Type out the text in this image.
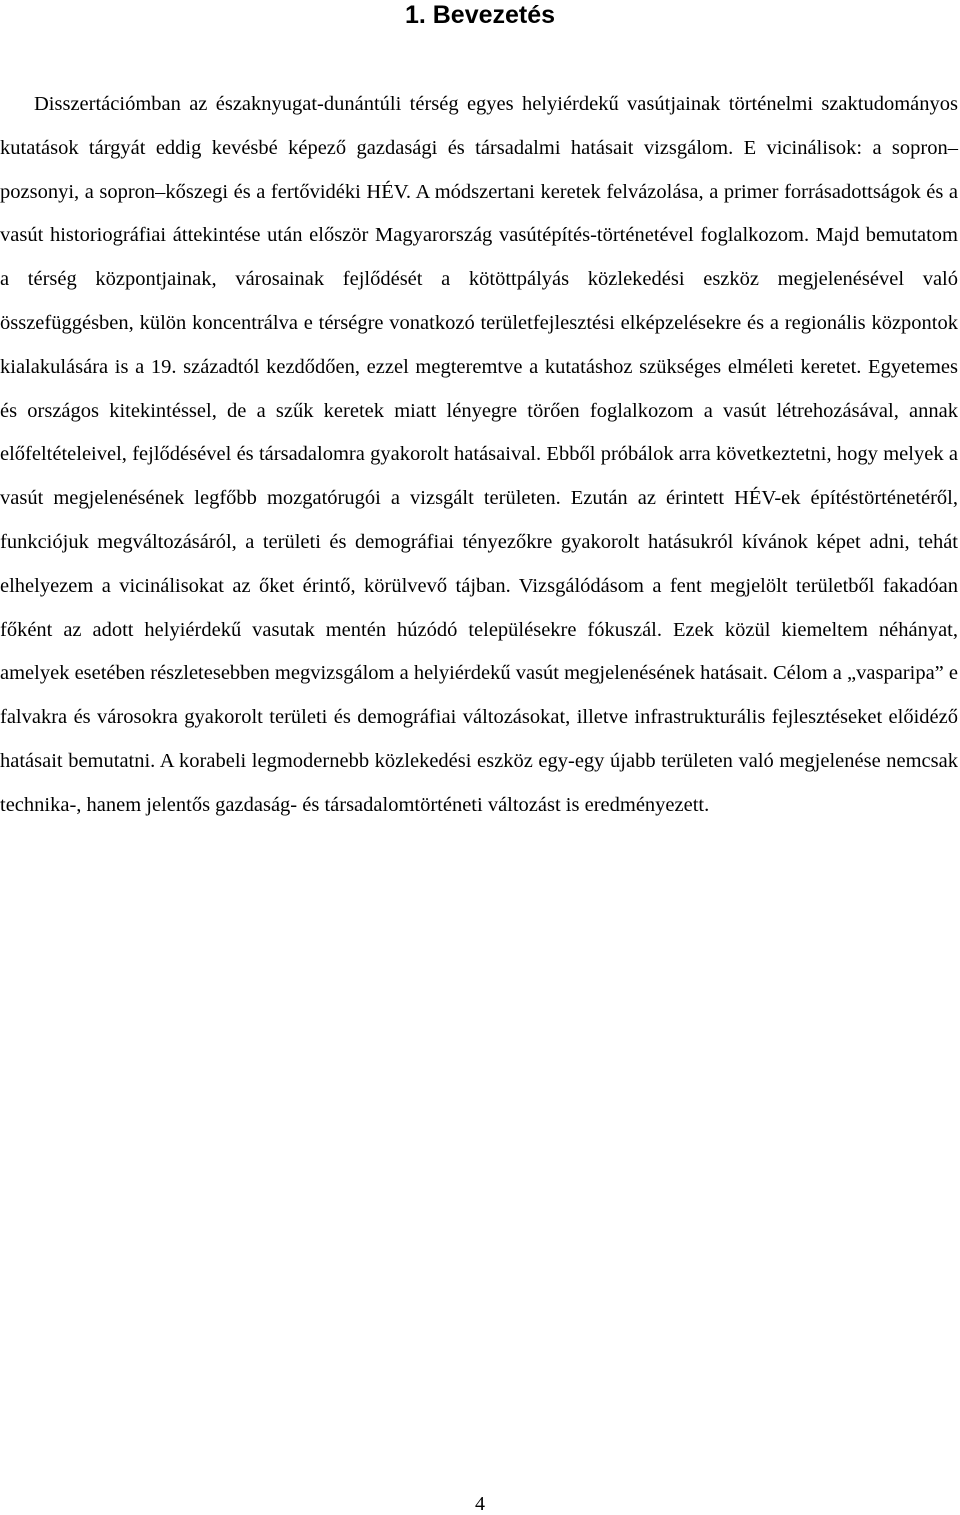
1. Bevezetés

Disszertációmban az északnyugat-dunántúli térség egyes helyiérdekű vasútjainak történelmi szaktudományos kutatások tárgyát eddig kevésbé képező gazdasági és társadalmi hatásait vizsgálom. E vicinálisok: a sopron–pozsonyi, a sopron–kőszegi és a fertővidéki HÉV. A módszertani keretek felvázolása, a primer forrásadottságok és a vasút historiográfiai áttekintése után először Magyarország vasútépítés-történetével foglalkozom. Majd bemutatom a térség központjainak, városainak fejlődését a kötöttpályás közlekedési eszköz megjelenésével való összefüggésben, külön koncentrálva e térségre vonatkozó területfejlesztési elképzelésekre és a regionális központok kialakulására is a 19. századtól kezdődően, ezzel megteremtve a kutatáshoz szükséges elméleti keretet. Egyetemes és országos kitekintéssel, de a szűk keretek miatt lényegre törően foglalkozom a vasút létrehozásával, annak előfeltételeivel, fejlődésével és társadalomra gyakorolt hatásaival. Ebből próbálok arra következtetni, hogy melyek a vasút megjelenésének legfőbb mozgatórugói a vizsgált területen. Ezután az érintett HÉV-ek építéstörténetéről, funkciójuk megváltozásáról, a területi és demográfiai tényezőkre gyakorolt hatásukról kívánok képet adni, tehát elhelyezem a vicinálisokat az őket érintő, körülvevő tájban. Vizsgálódásom a fent megjelölt területből fakadóan főként az adott helyiérdekű vasutak mentén húzódó településekre fókuszál. Ezek közül kiemeltem néhányat, amelyek esetében részletesebben megvizsgálom a helyiérdekű vasút megjelenésének hatásait. Célom a „vasparipa” e falvakra és városokra gyakorolt területi és demográfiai változásokat, illetve infrastrukturális fejlesztéseket előidéző hatásait bemutatni. A korabeli legmodernebb közlekedési eszköz egy-egy újabb területen való megjelenése nemcsak technika-, hanem jelentős gazdaság- és társadalomtörténeti változást is eredményezett.

4
